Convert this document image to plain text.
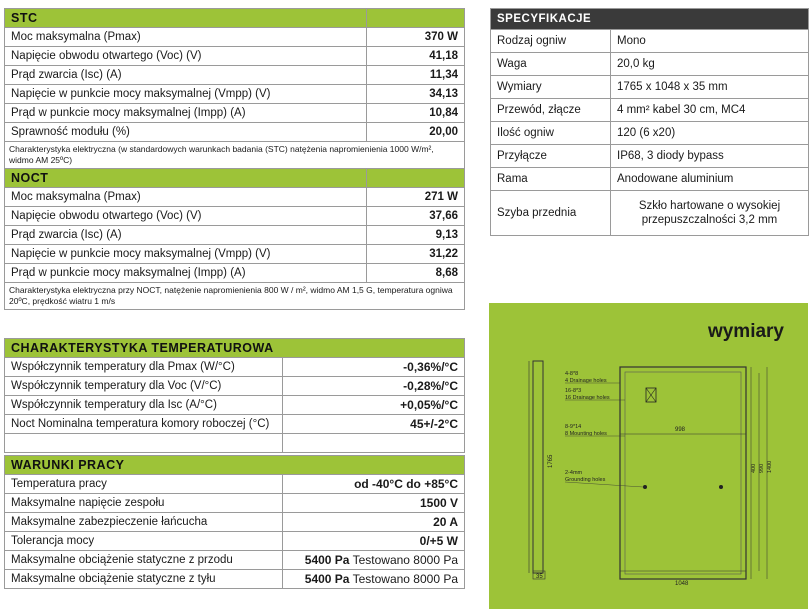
STC	
Moc maksymalna (Pmax)	370 W
Napięcie obwodu otwartego (Voc) (V)	41,18
Prąd zwarcia (Isc) (A)	11,34
Napięcie w punkcie mocy maksymalnej (Vmpp) (V)	34,13
Prąd w punkcie mocy maksymalnej (Impp) (A)	10,84
Sprawność modułu (%)	20,00
Charakterystyka elektryczna (w standardowych warunkach badania (STC) natężenia napromienienia 1000 W/m², widmo AM 25ºC)	
NOCT	
Moc maksymalna (Pmax)	271 W
Napięcie obwodu otwartego (Voc) (V)	37,66
Prąd zwarcia (Isc) (A)	9,13
Napięcie w punkcie mocy maksymalnej (Vmpp) (V)	31,22
Prąd w punkcie mocy maksymalnej (Impp) (A)	8,68
Charakterystyka elektryczna przy NOCT, natężenie napromienienia 800 W / m², widmo AM 1,5 G, temperatura ogniwa 20ºC, prędkość wiatru 1 m/s	
SPECYFIKACJE	
Rodzaj ogniw	Mono
Waga	20,0 kg
Wymiary	1765 x 1048 x 35 mm
Przewód, złącze	4 mm² kabel 30 cm, MC4
Ilość ogniw	120 (6 x20)
Przyłącze	IP68, 3 diody bypass
Rama	Anodowane aluminium
Szyba przednia	Szkło hartowane o wysokiej przepuszczalności 3,2 mm
CHARAKTERYSTYKA TEMPERATUROWA	
Współczynnik temperatury dla Pmax (W/°C)	-0,36%/°C
Współczynnik temperatury dla Voc (V/°C)	-0,28%/°C
Współczynnik temperatury dla Isc (A/°C)	+0,05%/°C
Noct Nominalna temperatura komory roboczej (°C)	45+/-2°C

WARUNKI PRACY	
Temperatura pracy	od -40°C do +85°C
Maksymalne napięcie zespołu	1500 V
Maksymalne zabezpieczenie łańcucha	20 A
Tolerancja mocy	0/+5 W
Maksymalne obciążenie statyczne z przodu	5400 Pa Testowano 8000 Pa
Maksymalne obciążenie statyczne z tyłu	5400 Pa Testowano 8000 Pa
wymiary
1765
35
998
1048
400 990 1400
4-8*8
4 Drainage holes
16-8*3
16 Drainage holes
8-9*14
8 Mounting holes
2-4mm
Grounding holes
